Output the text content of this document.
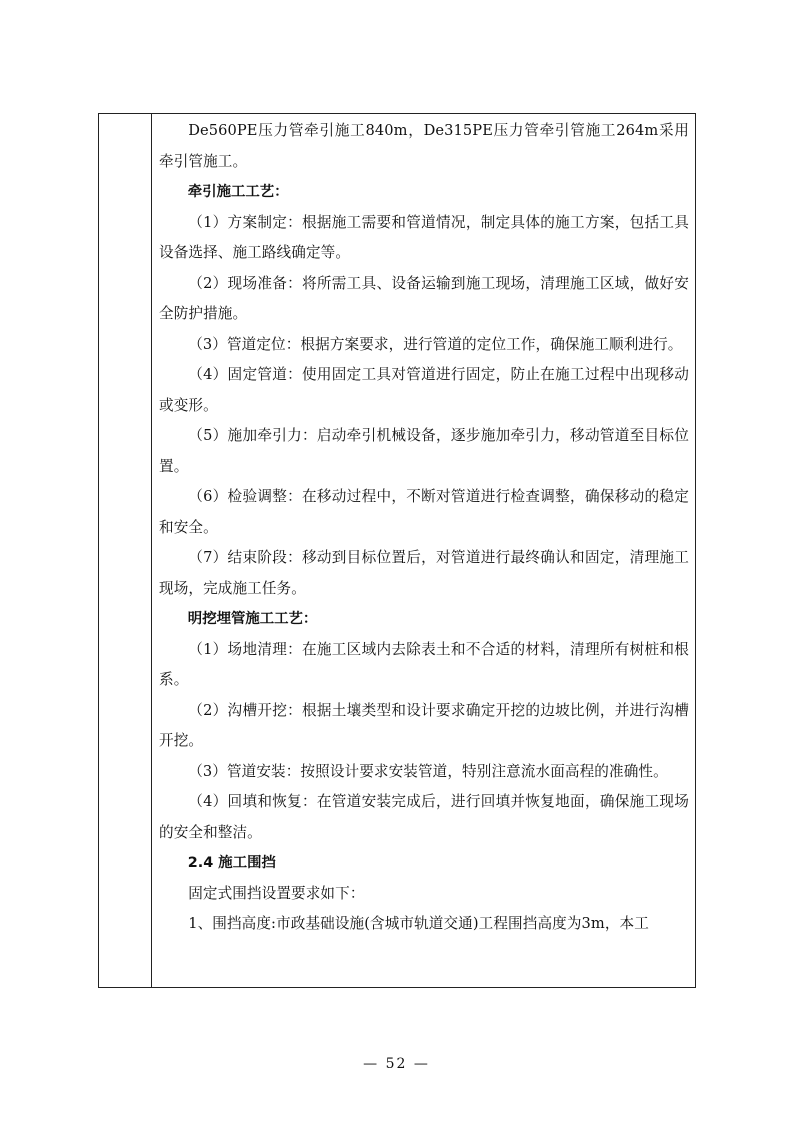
De560PE压力管牵引施工840m，De315PE压力管牵引管施工264m采用牵引管施工。

牵引施工工艺：

（1）方案制定：根据施工需要和管道情况，制定具体的施工方案，包括工具设备选择、施工路线确定等。

（2）现场准备：将所需工具、设备运输到施工现场，清理施工区域，做好安全防护措施。

（3）管道定位：根据方案要求，进行管道的定位工作，确保施工顺利进行。

（4）固定管道：使用固定工具对管道进行固定，防止在施工过程中出现移动或变形。

（5）施加牵引力：启动牵引机械设备，逐步施加牵引力，移动管道至目标位置。

（6）检验调整：在移动过程中，不断对管道进行检查调整，确保移动的稳定和安全。

（7）结束阶段：移动到目标位置后，对管道进行最终确认和固定，清理施工现场，完成施工任务。

明挖埋管施工工艺：

（1）场地清理：在施工区域内去除表土和不合适的材料，清理所有树桩和根系。

（2）沟槽开挖：根据土壤类型和设计要求确定开挖的边坡比例，并进行沟槽开挖。

（3）管道安装：按照设计要求安装管道，特别注意流水面高程的准确性。

（4）回填和恢复：在管道安装完成后，进行回填并恢复地面，确保施工现场的安全和整洁。

2.4 施工围挡

固定式围挡设置要求如下：

1、围挡高度:市政基础设施(含城市轨道交通)工程围挡高度为3m，本工

— 52 —
